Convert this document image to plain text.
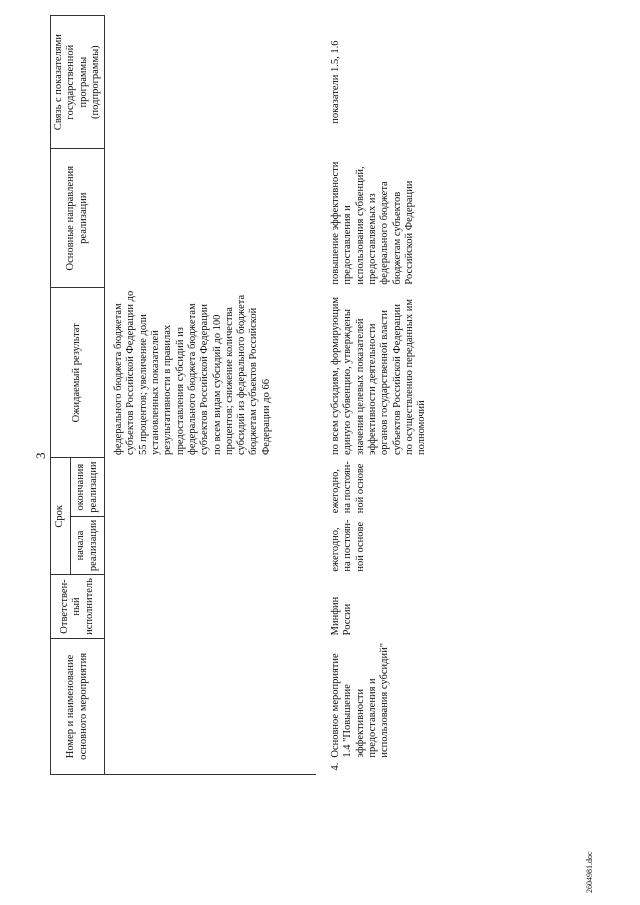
3
Номер и наименование основного мероприятия		Ответствен-ный исполнитель	Срок		Ожидаемый результат	Основные направления реализации	Связь с показателями государственной программы (подпрограммы)
			начала реализации	окончания реализации			
					федерального бюджета бюджетам субъектов Российской Федерации до 55 процентов; увеличение доли установленных показателей результативности в правилах предоставления субсидий из федерального бюджета бюджетам субъектов Российской Федерации по всем видам субсидий до 100 процентов; снижение количества субсидий из федерального бюджета бюджетам субъектов Российской Федерации до 66		
4.	Основное мероприятие 1.4 "Повышение эффективности предоставления и использования субсидий"	Минфин России	ежегодно, на постоян-ной основе	ежегодно, на постоян-ной основе	по всем субсидиям, формирующим единую субвенцию, утверждены значения целевых показателей эффективности деятельности органов государственной власти субъектов Российской Федерации по осуществлению переданных им полномочий	повышение эффективности предоставления и использования субвенций, предоставляемых из федерального бюджета бюджетам субъектов Российской Федерации	показатели 1.5, 1.6
2604981.doc
